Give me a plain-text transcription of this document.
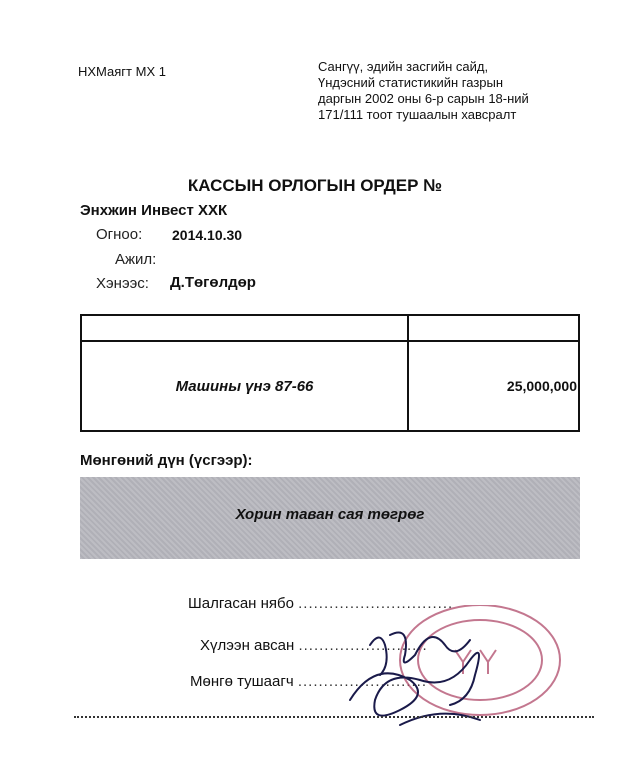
НХМаягт МХ 1	Сангүү, эдийн засгийн сайд,
Үндэсний статистикийн газрын
даргын 2002 оны 6-р сарын 18-ний
171/111 тоот тушаалын хавсралт
КАССЫН ОРЛОГЫН ОРДЕР №
Энхжин Инвест ХХК
Огноо: 2014.10.30
Ажил:
Хэнээс: Д.Төгөлдөр
Машины үнэ 87-66	25,000,000
Мөнгөний дүн (үсгээр):
Хорин таван сая төгрөг
Шалгасан нябо ..............................
Хүлээн авсан .........................
Мөнгө тушаагч .........................
